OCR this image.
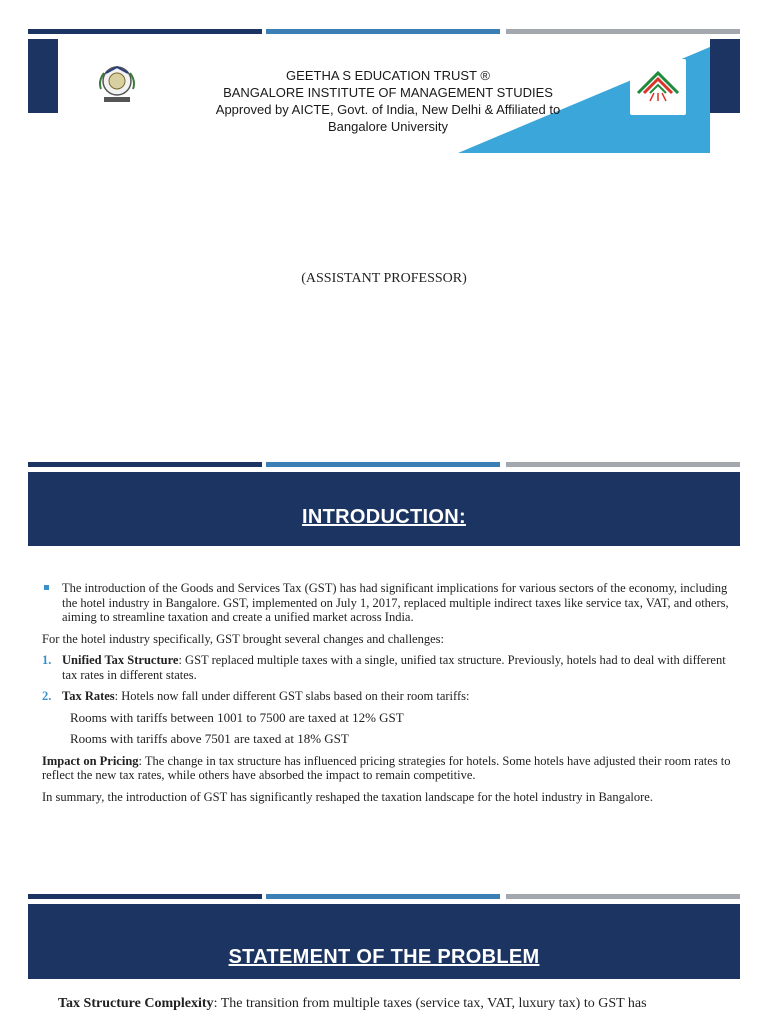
GEETHA S EDUCATION TRUST ®
BANGALORE INSTITUTE OF MANAGEMENT STUDIES
Approved by AICTE, Govt. of India, New Delhi & Affiliated to
Bangalore University
(ASSISTANT PROFESSOR)
INTRODUCTION:
The introduction of the Goods and Services Tax (GST) has had significant implications for various sectors of the economy, including the hotel industry in Bangalore. GST, implemented on July 1, 2017, replaced multiple indirect taxes like service tax, VAT, and others, aiming to streamline taxation and create a unified market across India.
For the hotel industry specifically, GST brought several changes and challenges:
1. Unified Tax Structure: GST replaced multiple taxes with a single, unified tax structure. Previously, hotels had to deal with different tax rates in different states.
2. Tax Rates: Hotels now fall under different GST slabs based on their room tariffs:
Rooms with tariffs between 1001 to 7500 are taxed at 12% GST
Rooms with tariffs above 7501 are taxed at 18% GST
Impact on Pricing: The change in tax structure has influenced pricing strategies for hotels. Some hotels have adjusted their room rates to reflect the new tax rates, while others have absorbed the impact to remain competitive.
In summary, the introduction of GST has significantly reshaped the taxation landscape for the hotel industry in Bangalore.
STATEMENT OF THE PROBLEM
Tax Structure Complexity: The transition from multiple taxes (service tax, VAT, luxury tax) to GST has
